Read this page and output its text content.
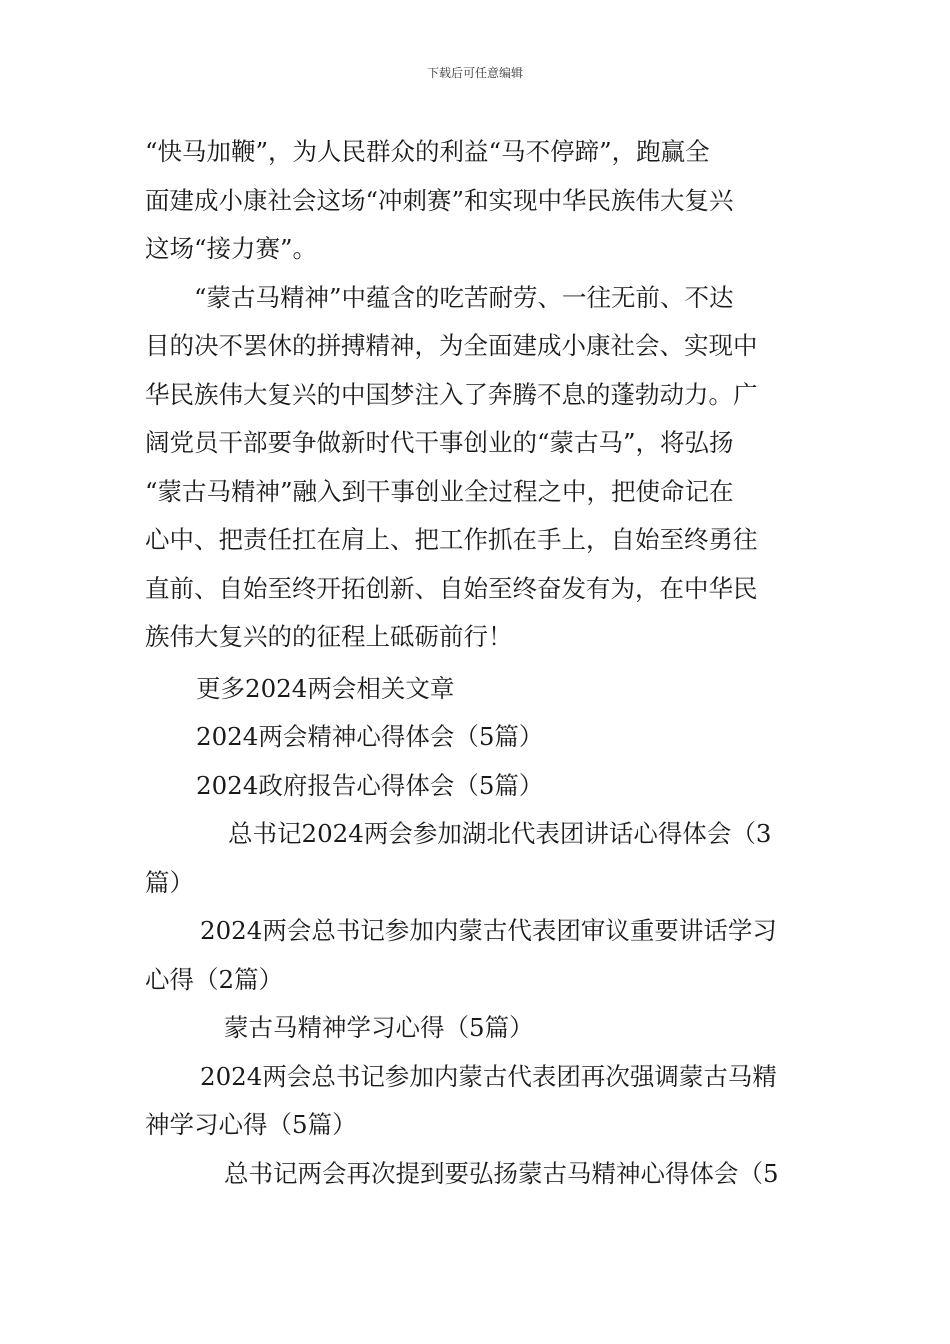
下载后可任意编辑

“快马加鞭”，为人民群众的利益“马不停蹄”，跑赢全

面建成小康社会这场“冲刺赛”和实现中华民族伟大复兴

这场“接力赛”。

“蒙古马精神”中蕴含的吃苦耐劳、一往无前、不达

目的决不罢休的拼搏精神，为全面建成小康社会、实现中

华民族伟大复兴的中国梦注入了奔腾不息的蓬勃动力。广

阔党员干部要争做新时代干事创业的“蒙古马”，将弘扬

“蒙古马精神”融入到干事创业全过程之中，把使命记在

心中、把责任扛在肩上、把工作抓在手上，自始至终勇往

直前、自始至终开拓创新、自始至终奋发有为，在中华民

族伟大复兴的的征程上砥砺前行！

更多2024两会相关文章

2024两会精神心得体会（5篇）

2024政府报告心得体会（5篇）

总书记2024两会参加湖北代表团讲话心得体会（3

篇）

2024两会总书记参加内蒙古代表团审议重要讲话学习

心得（2篇）

蒙古马精神学习心得（5篇）

2024两会总书记参加内蒙古代表团再次强调蒙古马精

神学习心得（5篇）

总书记两会再次提到要弘扬蒙古马精神心得体会（5
